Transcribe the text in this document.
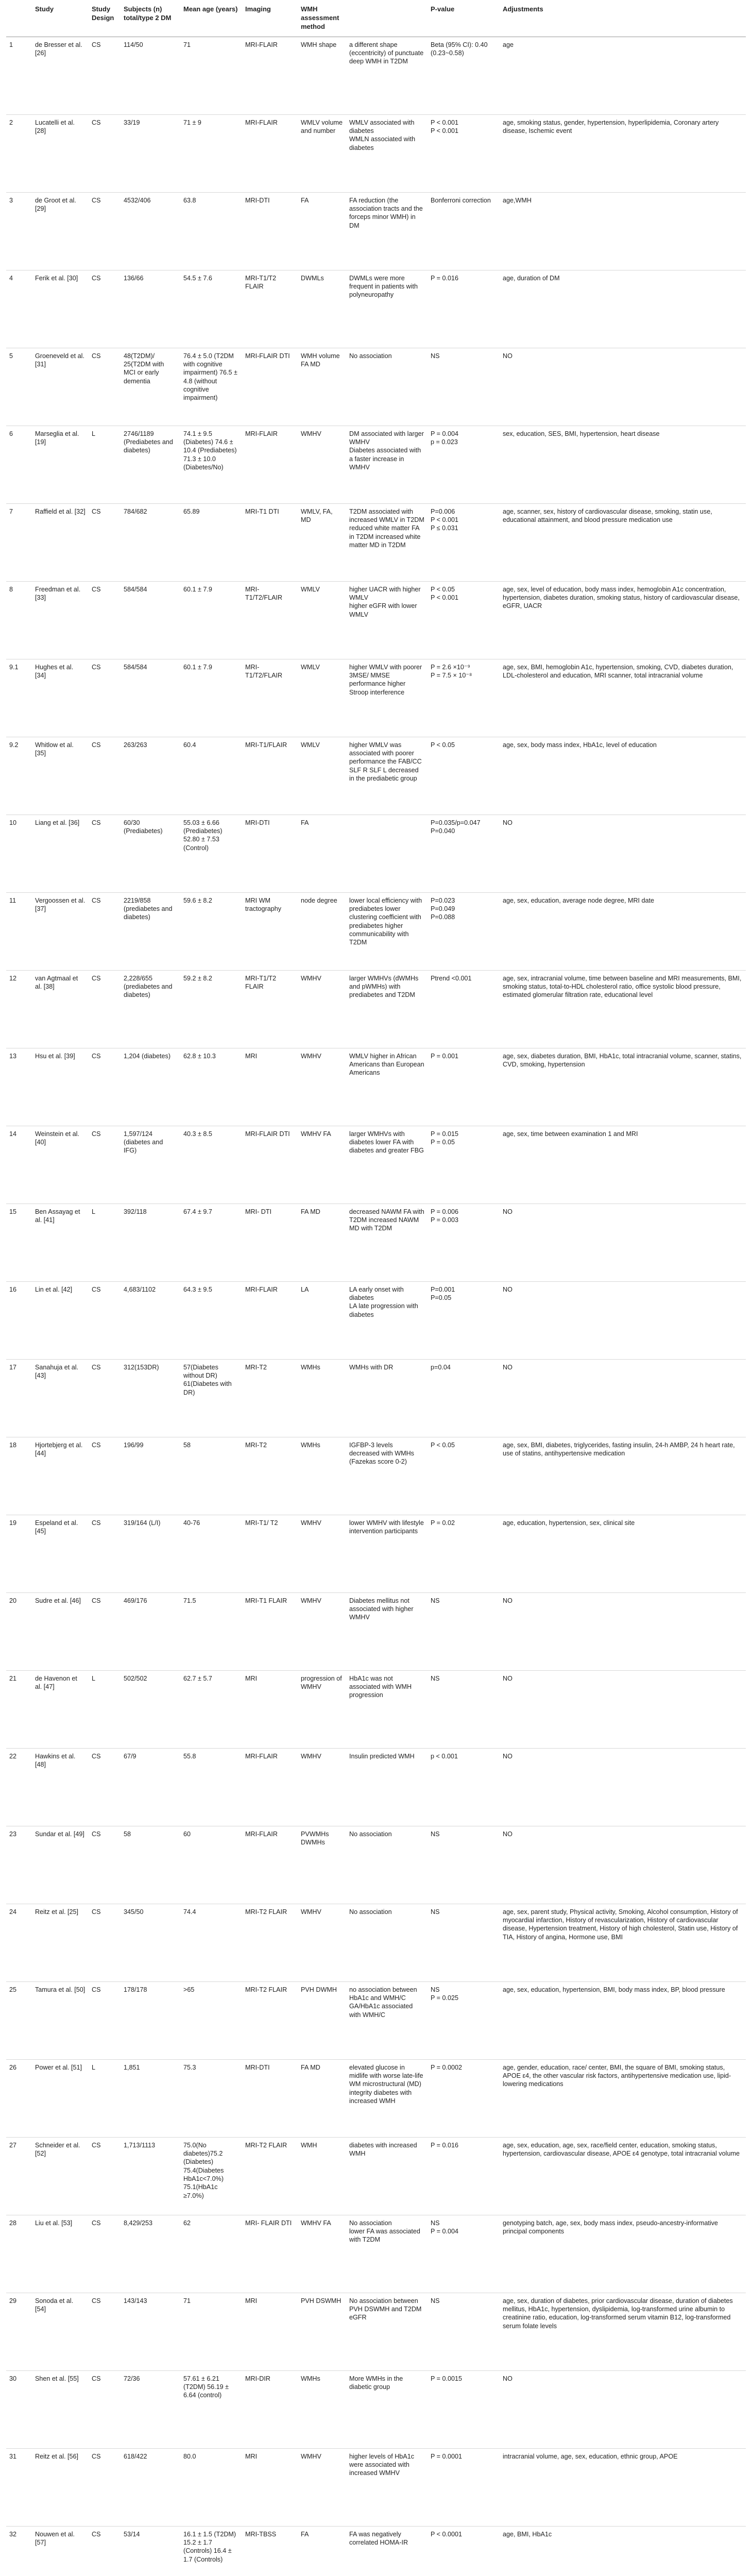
	Study	Study Design	Subjects (n) total/type 2 DM	Mean age (years)	Imaging	WMH assessment method		P-value	Adjustments

1	de Bresser et al. [26]	CS	114/50	71	MRI-FLAIR	WMH shape	a different shape (eccentricity) of punctuate deep WMH in T2DM	Beta (95% CI): 0.40 (0.23~0.58)	age

2	Lucatelli et al. [28]	CS	33/19	71 ± 9	MRI-FLAIR	WMLV volume and number	WMLV associated with diabetes
WMLN associated with diabetes	P < 0.001
P < 0.001	age, smoking status, gender, hypertension, hyperlipidemia, Coronary artery disease, Ischemic event

3	de Groot et al. [29]	CS	4532/406	63.8	MRI-DTI	FA	FA reduction (the association tracts and the forceps minor WMH) in DM	Bonferroni correction	age,WMH

4	Ferik et al. [30]	CS	136/66	54.5 ± 7.6	MRI-T1/T2 FLAIR	DWMLs	DWMLs were more frequent in patients with polyneuropathy	P = 0.016	age, duration of DM

5	Groeneveld et al. [31]	CS	48(T2DM)/ 25(T2DM with MCI or early dementia	76.4 ± 5.0 (T2DM with cognitive impairment) 76.5 ± 4.8 (without cognitive impairment)	MRI-FLAIR DTI	WMH volume FA MD	No association	NS	NO

6	Marseglia et al. [19]	L	2746/1189 (Prediabetes and diabetes)	74.1 ± 9.5 (Diabetes) 74.6 ± 10.4 (Prediabetes) 71.3 ± 10.0 (Diabetes/No)	MRI-FLAIR	WMHV	DM associated with larger WMHV
Diabetes associated with a faster increase in WMHV	P = 0.004
p = 0.023	sex, education, SES, BMI, hypertension, heart disease

7	Raffield et al. [32]	CS	784/682	65.89	MRI-T1 DTI	WMLV, FA, MD	T2DM associated with increased WMLV in T2DM reduced white matter FA in T2DM increased white matter MD in T2DM	P=0.006
P < 0.001
P ≤ 0.031	age, scanner, sex, history of cardiovascular disease, smoking, statin use, educational attainment, and blood pressure medication use

8	Freedman et al. [33]	CS	584/584	60.1 ± 7.9	MRI-T1/T2/FLAIR	WMLV	higher UACR with higher WMLV
higher eGFR with lower WMLV	P < 0.05
P < 0.001	age, sex, level of education, body mass index, hemoglobin A1c concentration, hypertension, diabetes duration, smoking status, history of cardiovascular disease, eGFR, UACR

9.1	Hughes et al. [34]	CS	584/584	60.1 ± 7.9	MRI-T1/T2/FLAIR	WMLV	higher WMLV with poorer 3MSE/ MMSE performance higher Stroop interference	P = 2.6 ×10⁻⁹
P = 7.5 × 10⁻⁸	age, sex, BMI, hemoglobin A1c, hypertension, smoking, CVD, diabetes duration, LDL-cholesterol and education, MRI scanner, total intracranial volume

9.2	Whitlow et al. [35]	CS	263/263	60.4	MRI-T1/FLAIR	WMLV	higher WMLV was associated with poorer performance the FAB/CC SLF R SLF L decreased in the prediabetic group	P < 0.05	age, sex, body mass index, HbA1c, level of education

10	Liang et al. [36]	CS	60/30 (Prediabetes)	55.03 ± 6.66 (Prediabetes) 52.80 ± 7.53 (Control)	MRI-DTI	FA		P=0.035/p=0.047
P=0.040	NO

11	Vergoossen et al. [37]	CS	2219/858 (prediabetes and diabetes)	59.6 ± 8.2	MRI WM tractography	node degree	lower local efficiency with prediabetes lower clustering coefficient with prediabetes higher communicability with T2DM	P=0.023
P=0.049
P=0.088	age, sex, education, average node degree, MRI date

12	van Agtmaal et al. [38]	CS	2,228/655 (prediabetes and diabetes)	59.2 ± 8.2	MRI-T1/T2 FLAIR	WMHV	larger WMHVs (dWMHs and pWMHs) with prediabetes and T2DM	Ptrend <0.001	age, sex, intracranial volume, time between baseline and MRI measurements, BMI, smoking status, total-to-HDL cholesterol ratio, office systolic blood pressure, estimated glomerular filtration rate, educational level

13	Hsu et al. [39]	CS	1,204 (diabetes)	62.8 ± 10.3	MRI	WMHV	WMLV higher in African Americans than European Americans	P = 0.001	age, sex, diabetes duration, BMI, HbA1c, total intracranial volume, scanner, statins, CVD, smoking, hypertension

14	Weinstein et al. [40]	CS	1,597/124 (diabetes and IFG)	40.3 ± 8.5	MRI-FLAIR DTI	WMHV FA	larger WMHVs with diabetes lower FA with diabetes and greater FBG	P = 0.015
P = 0.05	age, sex, time between examination 1 and MRI

15	Ben Assayag et al. [41]	L	392/118	67.4 ± 9.7	MRI- DTI	FA MD	decreased NAWM FA with T2DM increased NAWM MD with T2DM	P = 0.006
P = 0.003	NO

16	Lin et al. [42]	CS	4,683/1102	64.3 ± 9.5	MRI-FLAIR	LA	LA early onset with diabetes
LA late progression with diabetes	P=0.001
P=0.05	NO

17	Sanahuja et al. [43]	CS	312(153DR)	57(Diabetes without DR) 61(Diabetes with DR)	MRI-T2	WMHs	WMHs with DR	p=0.04	NO

18	Hjortebjerg et al. [44]	CS	196/99	58	MRI-T2	WMHs	IGFBP-3 levels decreased with WMHs (Fazekas score 0-2)	P < 0.05	age, sex, BMI, diabetes, triglycerides, fasting insulin, 24-h AMBP, 24 h heart rate, use of statins, antihypertensive medication

19	Espeland et al. [45]	CS	319/164 (L/I)	40-76	MRI-T1/ T2	WMHV	lower WMHV with lifestyle intervention participants	P = 0.02	age, education, hypertension, sex, clinical site

20	Sudre et al. [46]	CS	469/176	71.5	MRI-T1 FLAIR	WMHV	Diabetes mellitus not associated with higher WMHV	NS	NO

21	de Havenon et al. [47]	L	502/502	62.7 ± 5.7	MRI	progression of WMHV	HbA1c was not associated with WMH progression	NS	NO

22	Hawkins et al. [48]	CS	67/9	55.8	MRI-FLAIR	WMHV	Insulin predicted WMH	p < 0.001	NO

23	Sundar et al. [49]	CS	58	60	MRI-FLAIR	PVWMHs DWMHs	No association	NS	NO

24	Reitz et al. [25]	CS	345/50	74.4	MRI-T2 FLAIR	WMHV	No association	NS	age, sex, parent study, Physical activity, Smoking, Alcohol consumption, History of myocardial infarction, History of revascularization, History of cardiovascular disease, Hypertension treatment, History of high cholesterol, Statin use, History of TIA, History of angina, Hormone use, BMI

25	Tamura et al. [50]	CS	178/178	>65	MRI-T2 FLAIR	PVH DWMH	no association between HbA1c and WMH/C GA/HbA1c associated with WMH/C	NS
P = 0.025	age, sex, education, hypertension, BMI, body mass index, BP, blood pressure

26	Power et al. [51]	L	1,851	75.3	MRI-DTI	FA MD	elevated glucose in midlife with worse late-life WM microstructural (MD) integrity diabetes with increased WMH	P = 0.0002	age, gender, education, race/ center, BMI, the square of BMI, smoking status, APOE ε4, the other vascular risk factors, antihypertensive medication use, lipid-lowering medications

27	Schneider et al. [52]	CS	1,713/1113	75.0(No diabetes)75.2 (Diabetes) 75.4(Diabetes HbA1c<7.0%) 75.1(HbA1c ≥7.0%)	MRI-T2 FLAIR	WMH	diabetes with increased WMH	P = 0.016	age, sex, education, age, sex, race/field center, education, smoking status, hypertension, cardiovascular disease, APOE ε4 genotype, total intracranial volume

28	Liu et al. [53]	CS	8,429/253	62	MRI- FLAIR DTI	WMHV FA	No association
lower FA was associated with T2DM	NS
P = 0.004	genotyping batch, age, sex, body mass index, pseudo-ancestry-informative principal components

29	Sonoda et al. [54]	CS	143/143	71	MRI	PVH DSWMH	No association between PVH DSWMH and T2DM eGFR	NS	age, sex, duration of diabetes, prior cardiovascular disease, duration of diabetes mellitus, HbA1c, hypertension, dyslipidemia, log-transformed urine albumin to creatinine ratio, education, log-transformed serum vitamin B12, log-transformed serum folate levels

30	Shen et al. [55]	CS	72/36	57.61 ± 6.21 (T2DM) 56.19 ± 6.64 (control)	MRI-DIR	WMHs	More WMHs in the diabetic group	P = 0.0015	NO

31	Reitz et al. [56]	CS	618/422	80.0	MRI	WMHV	higher levels of HbA1c were associated with increased WMHV	P = 0.0001	intracranial volume, age, sex, education, ethnic group, APOE

32	Nouwen et al. [57]	CS	53/14	16.1 ± 1.5 (T2DM) 15.2 ± 1.7 (Controls) 16.4 ± 1.7 (Controls)	MRI-TBSS	FA	FA was negatively correlated HOMA-IR	P < 0.0001	age, BMI, HbA1c
